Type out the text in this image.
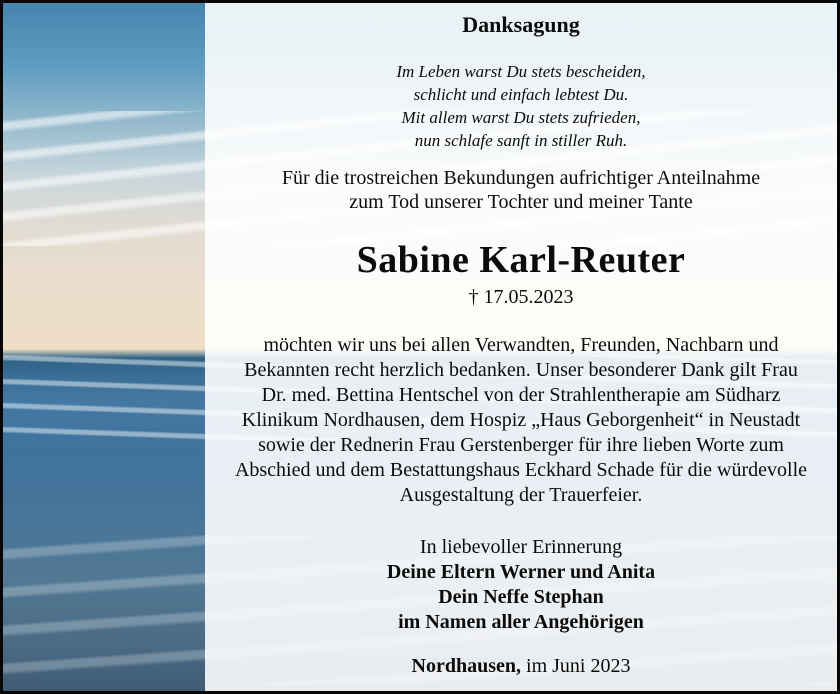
Danksagung
Im Leben warst Du stets bescheiden,
schlicht und einfach lebtest Du.
Mit allem warst Du stets zufrieden,
nun schlafe sanft in stiller Ruh.
Für die trostreichen Bekundungen aufrichtiger Anteilnahme
zum Tod unserer Tochter und meiner Tante
Sabine Karl-Reuter
† 17.05.2023
möchten wir uns bei allen Verwandten, Freunden, Nachbarn und
Bekannten recht herzlich bedanken. Unser besonderer Dank gilt Frau
Dr. med. Bettina Hentschel von der Strahlentherapie am Südharz
Klinikum Nordhausen, dem Hospiz „Haus Geborgenheit“ in Neustadt
sowie der Rednerin Frau Gerstenberger für ihre lieben Worte zum
Abschied und dem Bestattungshaus Eckhard Schade für die würdevolle
Ausgestaltung der Trauerfeier.
In liebevoller Erinnerung
Deine Eltern Werner und Anita
Dein Neffe Stephan
im Namen aller Angehörigen
Nordhausen, im Juni 2023
